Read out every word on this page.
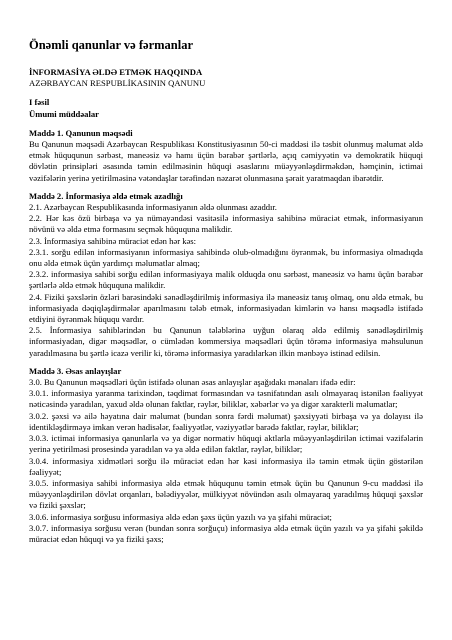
Önəmli qanunlar və fərmanlar
İNFORMASİYA ƏLDƏ ETMƏK HAQQINDA
AZƏRBAYCAN RESPUBLİKASININ QANUNU
I fəsil
Ümumi müddəalar
Maddə 1. Qanunun məqsədi

Bu Qanunun məqsədi Azərbaycan Respublikası Konstitusiyasının 50-ci maddəsi ilə təsbit olunmuş məlumat əldə etmək hüququnun sərbəst, maneəsiz və hamı üçün bərabər şərtlərlə, açıq cəmiyyətin və demokratik hüquqi dövlətin prinsipləri əsasında təmin edilməsinin hüquqi əsaslarını müəyyənləşdirməkdən, həmçinin, ictimai vəzifələrin yerinə yetirilməsinə vətəndaşlar tərəfindən nəzarət olunmasına şərait yaratmaqdan ibarətdir.

Maddə 2. İnformasiya əldə etmək azadlığı

2.1. Azərbaycan Respublikasında informasiyanın əldə olunması azaddır.

2.2. Hər kəs özü birbaşa və ya nümayəndəsi vasitəsilə informasiya sahibinə müraciət etmək, informasiyanın növünü və əldə etmə formasını seçmək hüququna malikdir.

2.3. İnformasiya sahibinə müraciət edən hər kəs:

2.3.1. sorğu edilən informasiyanın informasiya sahibində olub-olmadığını öyrənmək, bu informasiya olmadıqda onu əldə etmək üçün yardımçı məlumatlar almaq;

2.3.2. informasiya sahibi sorğu edilən informasiyaya malik olduqda onu sərbəst, maneəsiz və hamı üçün bərabər şərtlərlə əldə etmək hüququna malikdir.

2.4. Fiziki şəxslərin özləri barəsindəki sənədləşdirilmiş informasiya ilə maneəsiz tanış olmaq, onu əldə etmək, bu informasiyada dəqiqləşdirmələr aparılmasını tələb etmək, informasiyadan kimlərin və hansı məqsədlə istifadə etdiyini öyrənmək hüququ vardır.

2.5. İnformasiya sahiblərindən bu Qanunun tələblərinə uyğun olaraq əldə edilmiş sənədləşdirilmiş informasiyadan, digər məqsədlər, o cümlədən kommersiya məqsədləri üçün törəmə informasiya məhsulunun yaradılmasına bu şərtlə icazə verilir ki, törəmə informasiya yaradılarkən ilkin mənbəyə istinad edilsin.

Maddə 3. Əsas anlayışlar

3.0. Bu Qanunun məqsədləri üçün istifadə olunan əsas anlayışlar aşağıdakı mənaları ifadə edir:

3.0.1. informasiya yaranma tarixindən, təqdimat formasından və təsnifatından asılı olmayaraq istənilən fəaliyyət nəticəsində yaradılan, yaxud əldə olunan faktlar, rəylər, biliklər, xəbərlər və ya digər xarakterli məlumatlar;

3.0.2. şəxsi və ailə həyatına dair məlumat (bundan sonra fərdi məlumat) şəxsiyyəti birbaşa və ya dolayısı ilə identikləşdirməyə imkan verən hadisələr, fəaliyyətlər, vəziyyətlər barədə faktlar, rəylər, biliklər;

3.0.3. ictimai informasiya qanunlarla və ya digər normativ hüquqi aktlarla müəyyənləşdirilən ictimai vəzifələrin yerinə yetirilməsi prosesində yaradılan və ya əldə edilən faktlar, rəylər, biliklər;

3.0.4. informasiya xidmətləri sorğu ilə müraciət edən hər kəsi informasiya ilə təmin etmək üçün göstərilən fəaliyyət;

3.0.5. informasiya sahibi informasiya əldə etmək hüququnu təmin etmək üçün bu Qanunun 9-cu maddəsi ilə müəyyənləşdirilən dövlət orqanları, bələdiyyələr, mülkiyyət növündən asılı olmayaraq yaradılmış hüquqi şəxslər və fiziki şəxslər;

3.0.6. informasiya sorğusu informasiya əldə edən şəxs üçün yazılı və ya şifahi müraciət;

3.0.7. informasiya sorğusu verən (bundan sonra sorğuçu) informasiya əldə etmək üçün yazılı və ya şifahi şəkildə müraciət edən hüquqi və ya fiziki şəxs;
